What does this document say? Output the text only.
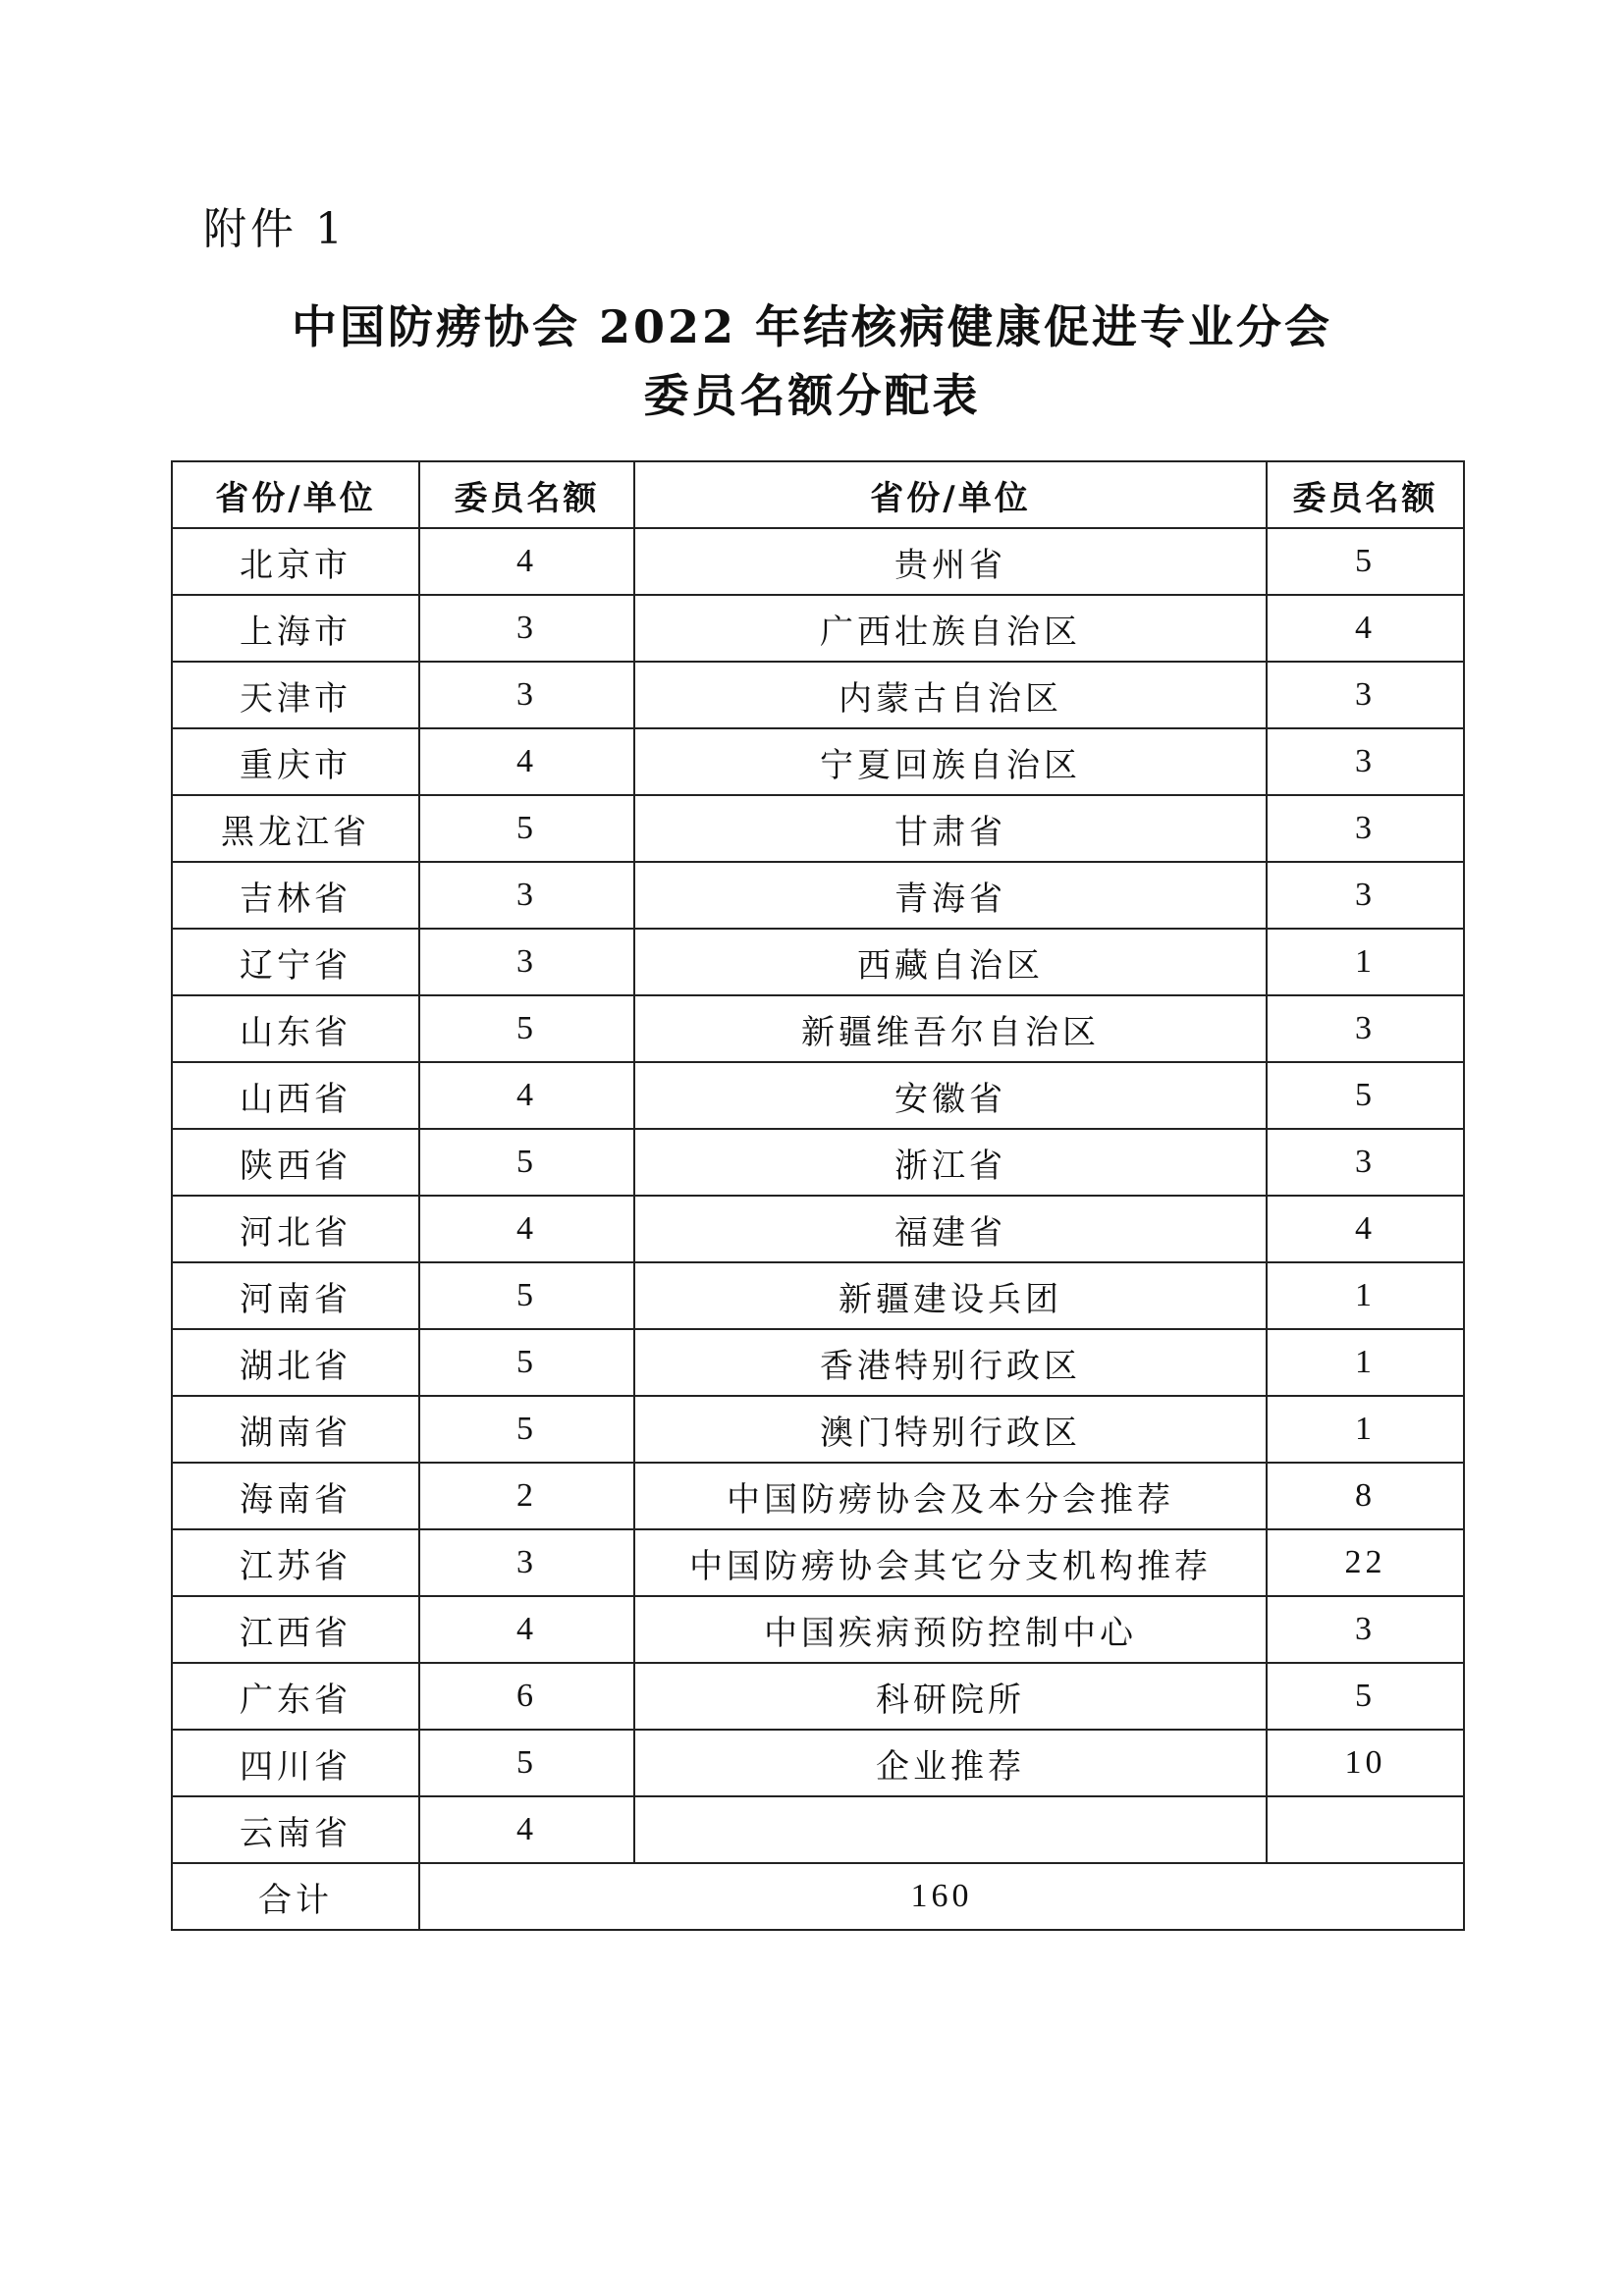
附件 1
中国防痨协会 2022 年结核病健康促进专业分会
委员名额分配表
省份/单位	委员名额	省份/单位	委员名额
北京市	4	贵州省	5
上海市	3	广西壮族自治区	4
天津市	3	内蒙古自治区	3
重庆市	4	宁夏回族自治区	3
黑龙江省	5	甘肃省	3
吉林省	3	青海省	3
辽宁省	3	西藏自治区	1
山东省	5	新疆维吾尔自治区	3
山西省	4	安徽省	5
陕西省	5	浙江省	3
河北省	4	福建省	4
河南省	5	新疆建设兵团	1
湖北省	5	香港特别行政区	1
湖南省	5	澳门特别行政区	1
海南省	2	中国防痨协会及本分会推荐	8
江苏省	3	中国防痨协会其它分支机构推荐	22
江西省	4	中国疾病预防控制中心	3
广东省	6	科研院所	5
四川省	5	企业推荐	10
云南省	4		
合计	160		
